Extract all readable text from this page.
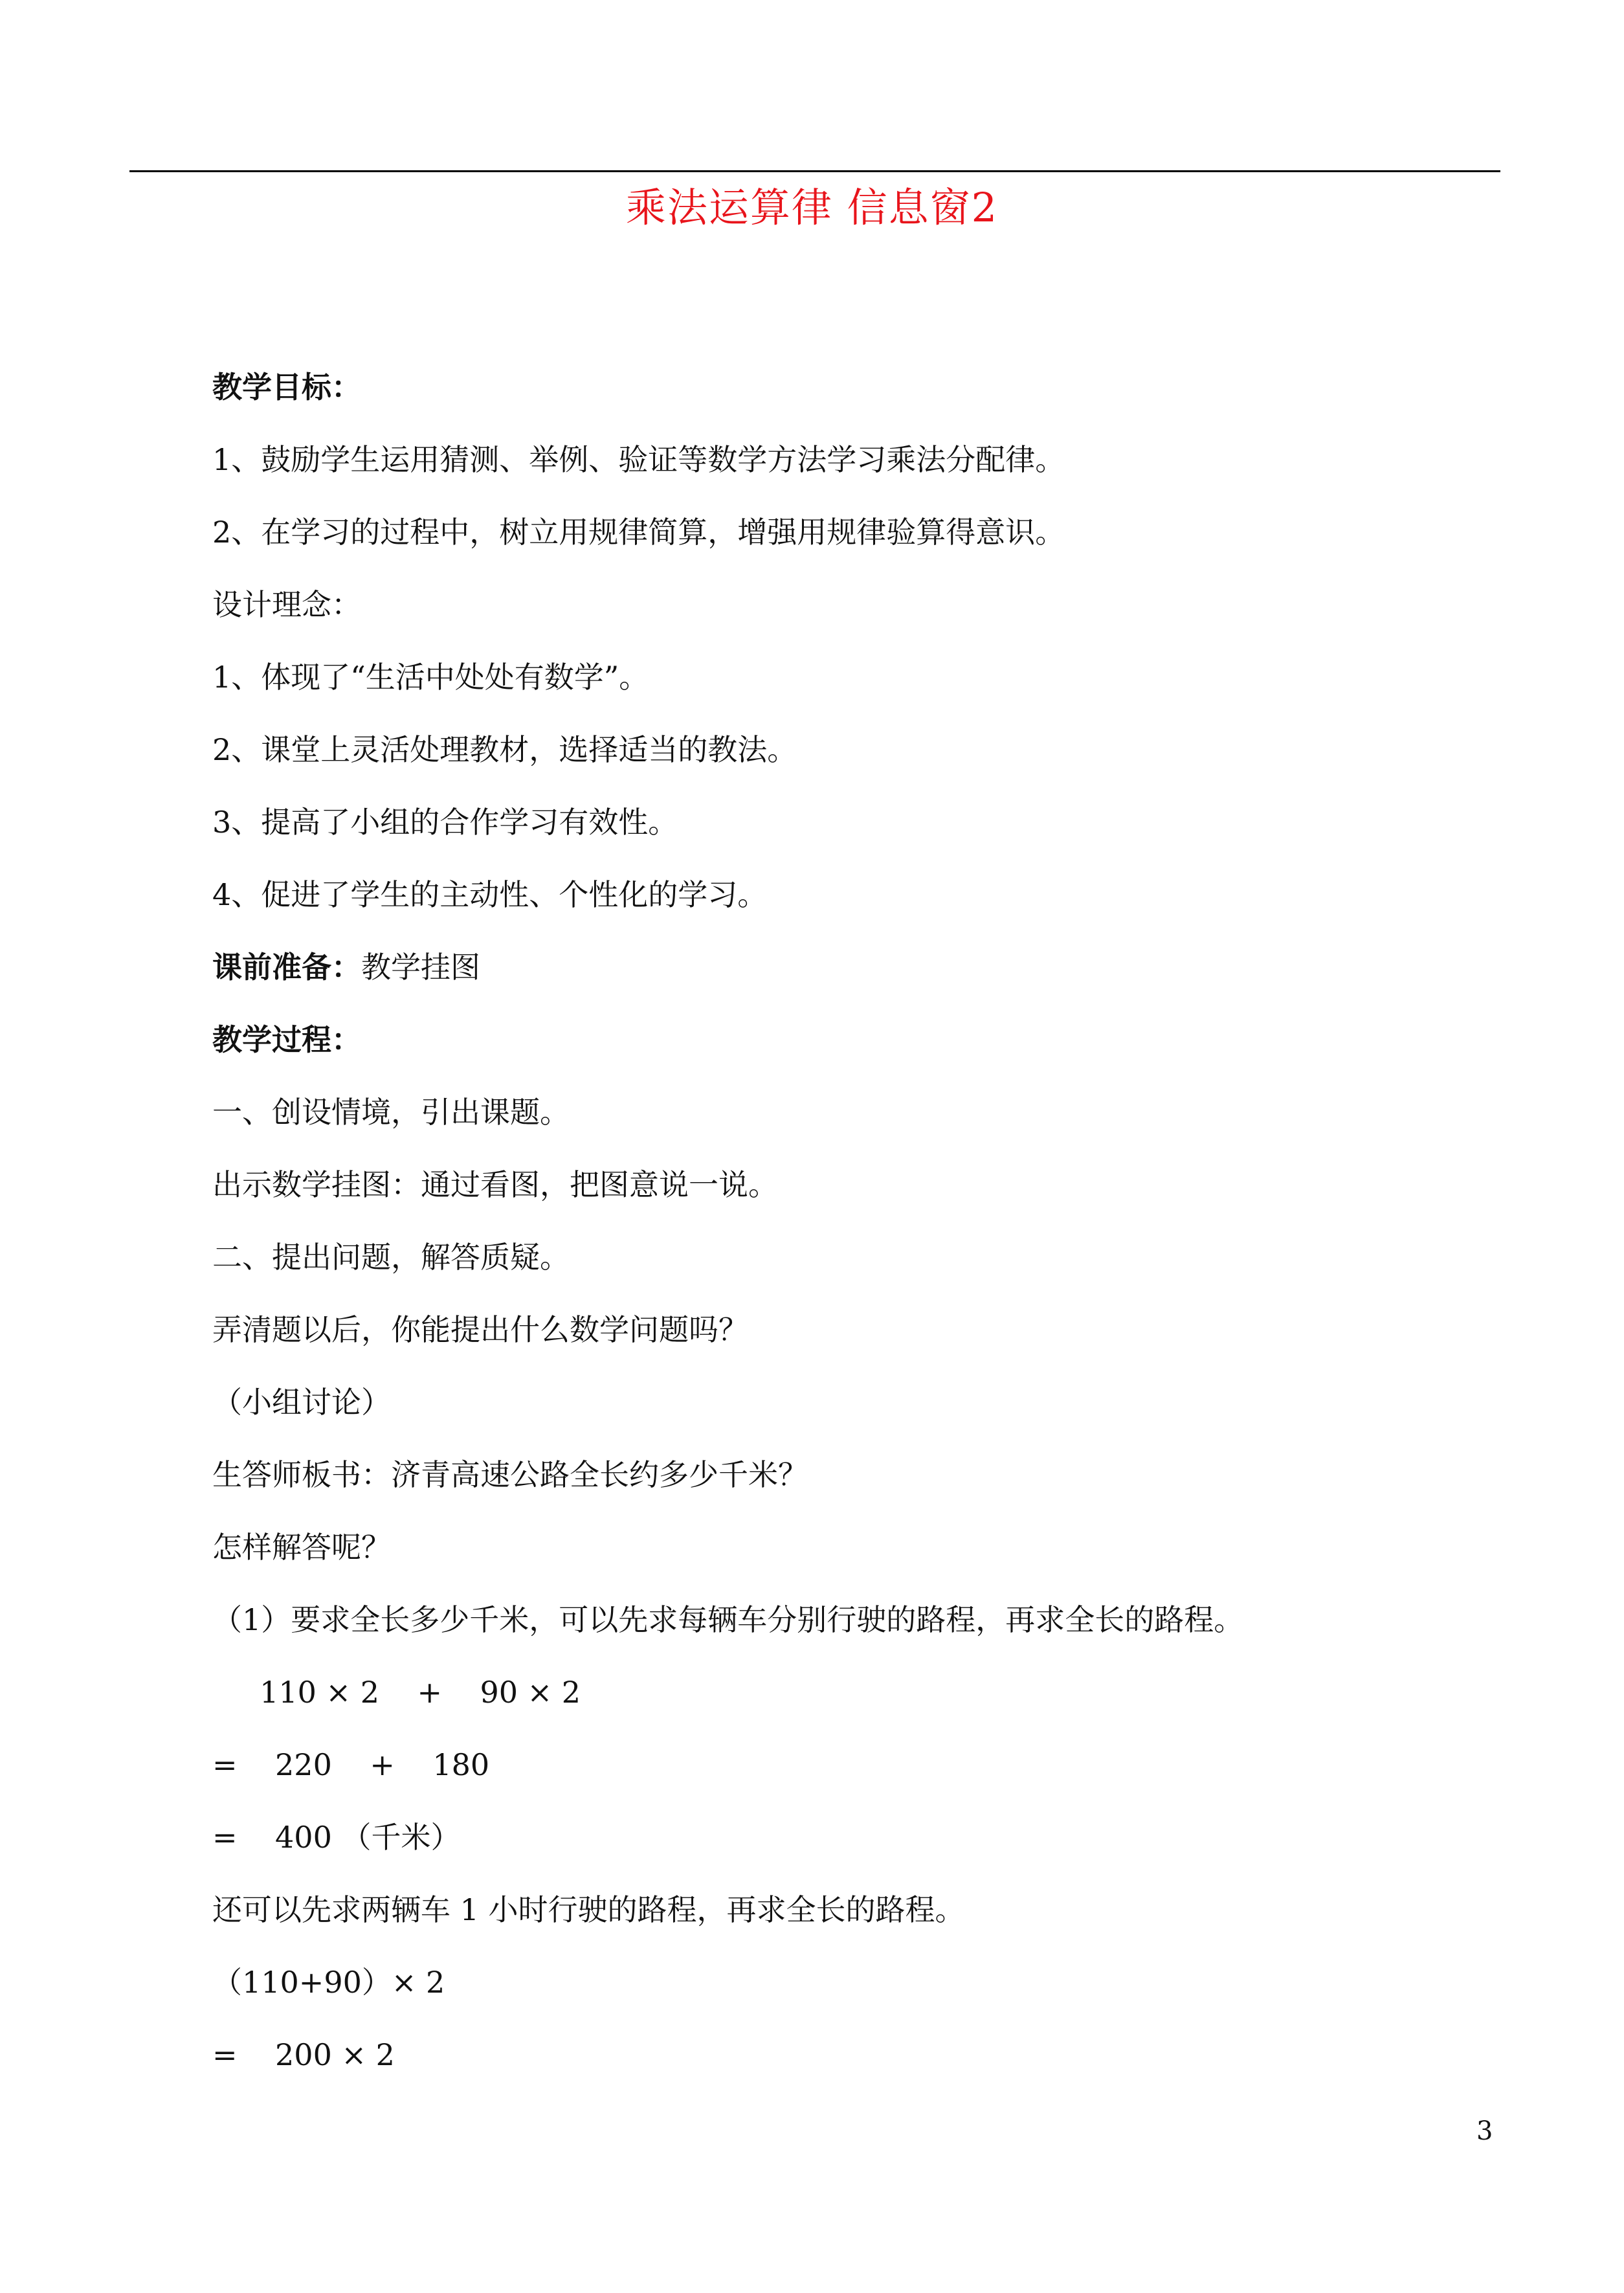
乘法运算律 信息窗2
教学目标：
1、鼓励学生运用猜测、举例、验证等数学方法学习乘法分配律。
2、在学习的过程中，树立用规律简算，增强用规律验算得意识。
设计理念：
1、体现了“生活中处处有数学”。
2、课堂上灵活处理教材，选择适当的教法。
3、提高了小组的合作学习有效性。
4、促进了学生的主动性、个性化的学习。
课前准备：教学挂图
教学过程：
一、创设情境，引出课题。
出示数学挂图：通过看图，把图意说一说。
二、提出问题，解答质疑。
弄清题以后，你能提出什么数学问题吗？
（小组讨论）
生答师板书：济青高速公路全长约多少千米？
怎样解答呢？
（1）要求全长多少千米，可以先求每辆车分别行驶的路程，再求全长的路程。
110 × 2    +    90 × 2
=    220    +    180
=    400 （千米）
还可以先求两辆车 1 小时行驶的路程，再求全长的路程。
（110+90）× 2
=    200 × 2
3
